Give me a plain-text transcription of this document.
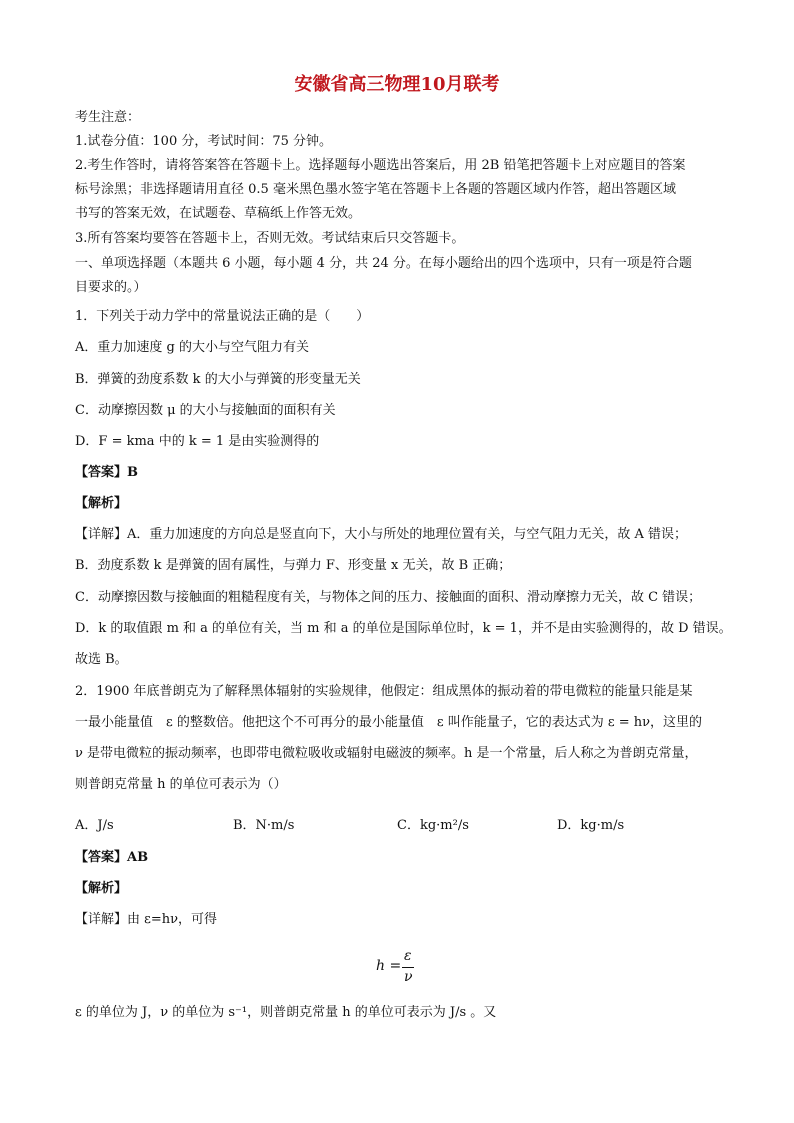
安徽省高三物理10月联考
考生注意：
1.试卷分值：100 分，考试时间：75 分钟。
2.考生作答时，请将答案答在答题卡上。选择题每小题选出答案后，用 2B 铅笔把答题卡上对应题目的答案
标号涂黑；非选择题请用直径 0.5 毫米黑色墨水签字笔在答题卡上各题的答题区域内作答，超出答题区域
书写的答案无效，在试题卷、草稿纸上作答无效。
3.所有答案均要答在答题卡上，否则无效。考试结束后只交答题卡。
一、单项选择题（本题共 6 小题，每小题 4 分，共 24 分。在每小题给出的四个选项中，只有一项是符合题
目要求的。）
1．下列关于动力学中的常量说法正确的是（　　）
A．重力加速度 g 的大小与空气阻力有关
B．弹簧的劲度系数 k 的大小与弹簧的形变量无关
C．动摩擦因数 μ 的大小与接触面的面积有关
D．F = kma 中的 k = 1 是由实验测得的
【答案】B
【解析】
【详解】A．重力加速度的方向总是竖直向下，大小与所处的地理位置有关，与空气阻力无关，故 A 错误；
B．劲度系数 k 是弹簧的固有属性，与弹力 F、形变量 x 无关，故 B 正确；
C．动摩擦因数与接触面的粗糙程度有关，与物体之间的压力、接触面的面积、滑动摩擦力无关，故 C 错误；
D．k 的取值跟 m 和 a 的单位有关，当 m 和 a 的单位是国际单位时，k = 1，并不是由实验测得的，故 D 错误。
故选 B。
2．1900 年底普朗克为了解释黑体辐射的实验规律，他假定：组成黑体的振动着的带电微粒的能量只能是某
一最小能量值　ε 的整数倍。他把这个不可再分的最小能量值　ε 叫作能量子，它的表达式为 ε = hν，这里的
ν 是带电微粒的振动频率，也即带电微粒吸收或辐射电磁波的频率。h 是一个常量，后人称之为普朗克常量，
则普朗克常量 h 的单位可表示为（）
A．J/s	B．N·m/s	C．kg·m²/s	D．kg·m/s
【答案】AB
【解析】
【详解】由 ε=hν，可得
h =
ε
ν
ε 的单位为 J，ν 的单位为 s⁻¹，则普朗克常量 h 的单位可表示为 J/s 。又
